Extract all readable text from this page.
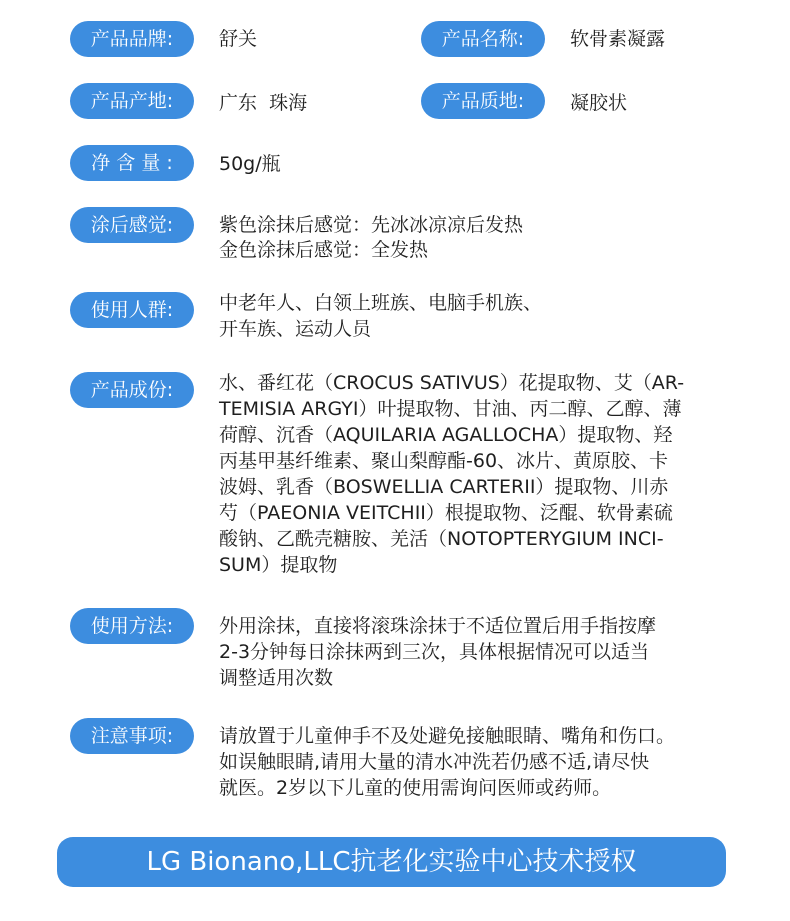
产品品牌:	舒关	产品名称:	软骨素凝露
产品产地:	广东  珠海	产品质地:	凝胶状
净 含 量 :	50g/瓶
涂后感觉:	紫色涂抹后感觉：先冰冰凉凉后发热
金色涂抹后感觉：全发热
使用人群:	中老年人、白领上班族、电脑手机族、
开车族、运动人员
产品成份:	水、番红花（CROCUS SATIVUS）花提取物、艾（AR-
TEMISIA ARGYI）叶提取物、甘油、丙二醇、乙醇、薄
荷醇、沉香（AQUILARIA AGALLOCHA）提取物、羟
丙基甲基纤维素、聚山梨醇酯-60、冰片、黄原胶、卡
波姆、乳香（BOSWELLIA CARTERII）提取物、川赤
芍（PAEONIA VEITCHII）根提取物、泛醌、软骨素硫
酸钠、乙酰壳糖胺、羌活（NOTOPTERYGIUM INCI-
SUM）提取物
使用方法:	外用涂抹，直接将滚珠涂抹于不适位置后用手指按摩
2-3分钟每日涂抹两到三次，具体根据情况可以适当
调整适用次数
注意事项:	请放置于儿童伸手不及处避免接触眼睛、嘴角和伤口。
如误触眼睛,请用大量的清水冲洗若仍感不适,请尽快
就医。2岁以下儿童的使用需询问医师或药师。
LG Bionano,LLC抗老化实验中心技术授权
